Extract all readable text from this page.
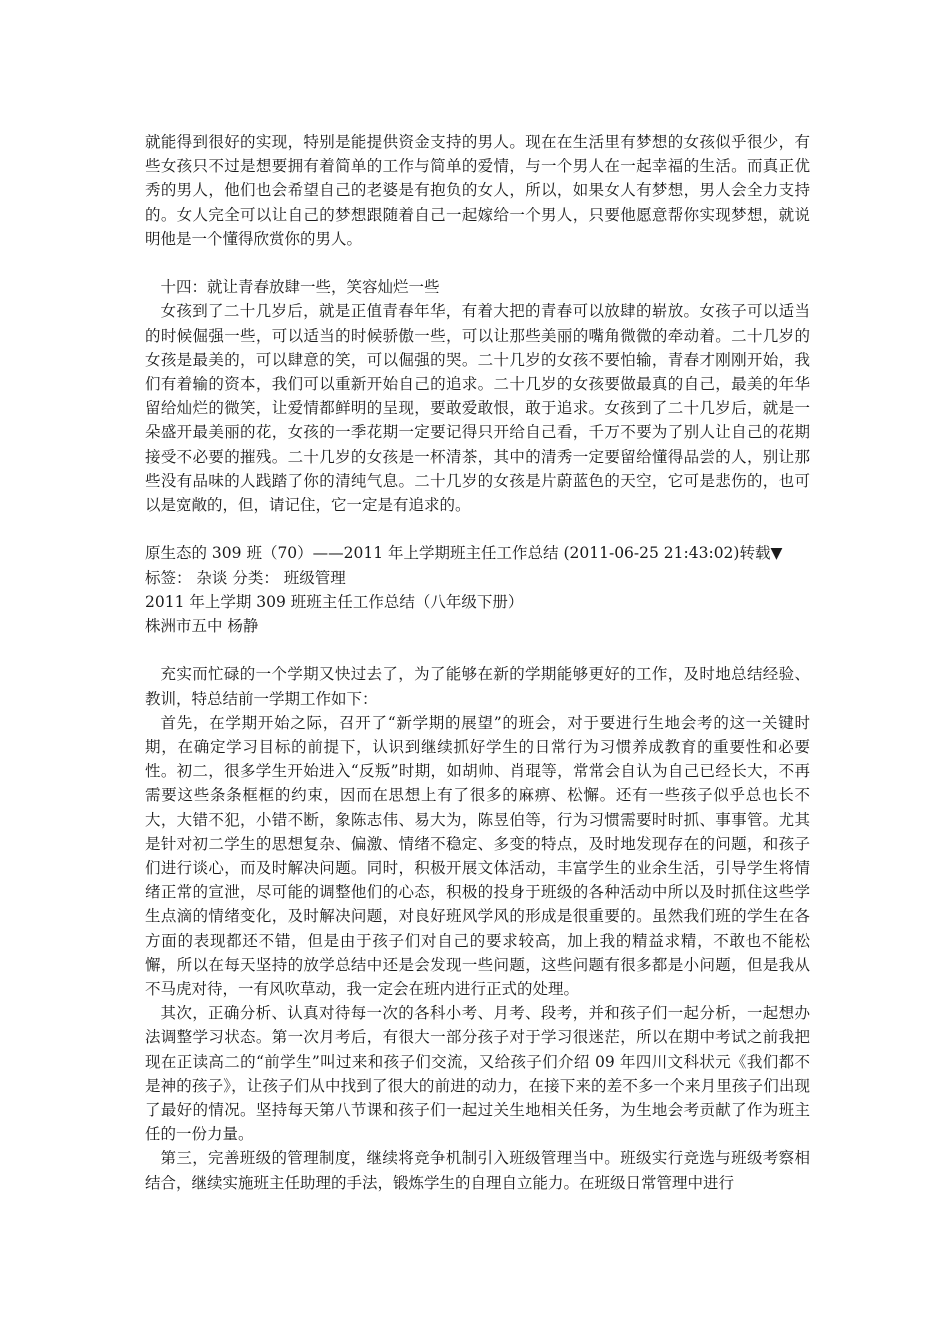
就能得到很好的实现，特别是能提供资金支持的男人。现在在生活里有梦想的女孩似乎很少，有些女孩只不过是想要拥有着简单的工作与简单的爱情，与一个男人在一起幸福的生活。而真正优秀的男人，他们也会希望自己的老婆是有抱负的女人，所以，如果女人有梦想，男人会全力支持的。女人完全可以让自己的梦想跟随着自己一起嫁给一个男人，只要他愿意帮你实现梦想，就说明他是一个懂得欣赏你的男人。

十四：就让青春放肆一些，笑容灿烂一些

女孩到了二十几岁后，就是正值青春年华，有着大把的青春可以放肆的崭放。女孩子可以适当的时候倔强一些，可以适当的时候骄傲一些，可以让那些美丽的嘴角微微的牵动着。二十几岁的女孩是最美的，可以肆意的笑，可以倔强的哭。二十几岁的女孩不要怕输，青春才刚刚开始，我们有着输的资本，我们可以重新开始自己的追求。二十几岁的女孩要做最真的自己，最美的年华留给灿烂的微笑，让爱情都鲜明的呈现，要敢爱敢恨，敢于追求。女孩到了二十几岁后，就是一朵盛开最美丽的花，女孩的一季花期一定要记得只开给自己看，千万不要为了别人让自己的花期接受不必要的摧残。二十几岁的女孩是一杯清茶，其中的清秀一定要留给懂得品尝的人，别让那些没有品味的人践踏了你的清纯气息。二十几岁的女孩是片蔚蓝色的天空，它可是悲伤的，也可以是宽敞的，但，请记住，它一定是有追求的。

原生态的 309 班（70）——2011 年上学期班主任工作总结 (2011-06-25 21:43:02)转载▼

标签： 杂谈 分类： 班级管理

2011 年上学期 309 班班主任工作总结（八年级下册）

株洲市五中 杨静

充实而忙碌的一个学期又快过去了，为了能够在新的学期能够更好的工作，及时地总结经验、教训，特总结前一学期工作如下：

首先，在学期开始之际，召开了“新学期的展望”的班会，对于要进行生地会考的这一关键时期，在确定学习目标的前提下，认识到继续抓好学生的日常行为习惯养成教育的重要性和必要性。初二，很多学生开始进入“反叛”时期，如胡帅、肖琨等，常常会自认为自己已经长大，不再需要这些条条框框的约束，因而在思想上有了很多的麻痹、松懈。还有一些孩子似乎总也长不大，大错不犯，小错不断，象陈志伟、易大为，陈昱伯等，行为习惯需要时时抓、事事管。尤其是针对初二学生的思想复杂、偏激、情绪不稳定、多变的特点，及时地发现存在的问题，和孩子们进行谈心，而及时解决问题。同时，积极开展文体活动，丰富学生的业余生活，引导学生将情绪正常的宣泄，尽可能的调整他们的心态，积极的投身于班级的各种活动中所以及时抓住这些学生点滴的情绪变化，及时解决问题，对良好班风学风的形成是很重要的。虽然我们班的学生在各方面的表现都还不错，但是由于孩子们对自己的要求较高，加上我的精益求精，不敢也不能松懈，所以在每天坚持的放学总结中还是会发现一些问题，这些问题有很多都是小问题，但是我从不马虎对待，一有风吹草动，我一定会在班内进行正式的处理。

其次，正确分析、认真对待每一次的各科小考、月考、段考，并和孩子们一起分析，一起想办法调整学习状态。第一次月考后，有很大一部分孩子对于学习很迷茫，所以在期中考试之前我把现在正读高二的“前学生”叫过来和孩子们交流，又给孩子们介绍 09 年四川文科状元《我们都不是神的孩子》，让孩子们从中找到了很大的前进的动力，在接下来的差不多一个来月里孩子们出现了最好的情况。坚持每天第八节课和孩子们一起过关生地相关任务，为生地会考贡献了作为班主任的一份力量。

第三，完善班级的管理制度，继续将竞争机制引入班级管理当中。班级实行竞选与班级考察相结合，继续实施班主任助理的手法，锻炼学生的自理自立能力。在班级日常管理中进行
